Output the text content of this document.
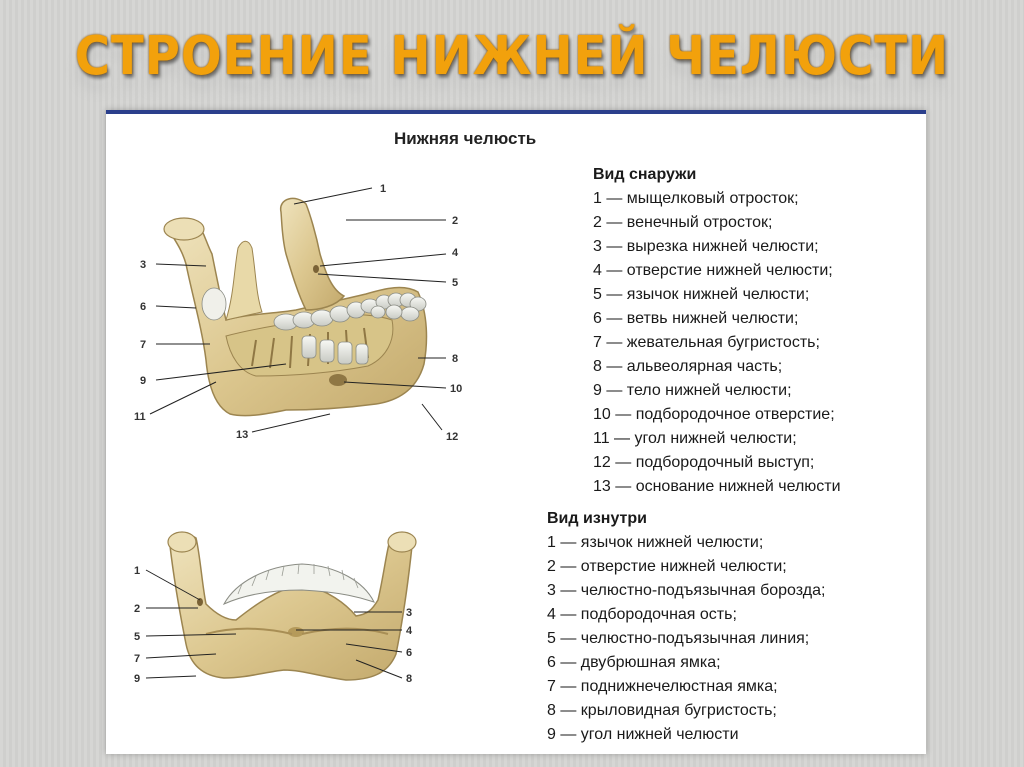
СТРОЕНИЕ НИЖНЕЙ ЧЕЛЮСТИ
Нижняя челюсть
1
2
3
4
5
6
7
8
9
10
11
12
13
1
2	3
4
5
6
7
8
9
Вид снаружи
1 — мыщелковый отросток;
2 — венечный отросток;
3 — вырезка нижней челюсти;
4 — отверстие нижней челюсти;
5 — язычок нижней челюсти;
6 — ветвь нижней челюсти;
7 — жевательная бугристость;
8 — альвеолярная часть;
9 — тело нижней челюсти;
10 — подбородочное отверстие;
11 — угол нижней челюсти;
12 — подбородочный выступ;
13 — основание нижней челюсти
Вид изнутри
1 — язычок нижней челюсти;
2 — отверстие нижней челюсти;
3 — челюстно-подъязычная борозда;
4 — подбородочная ость;
5 — челюстно-подъязычная линия;
6 — двубрюшная ямка;
7 — поднижнечелюстная ямка;
8 — крыловидная бугристость;
9 — угол нижней челюсти
